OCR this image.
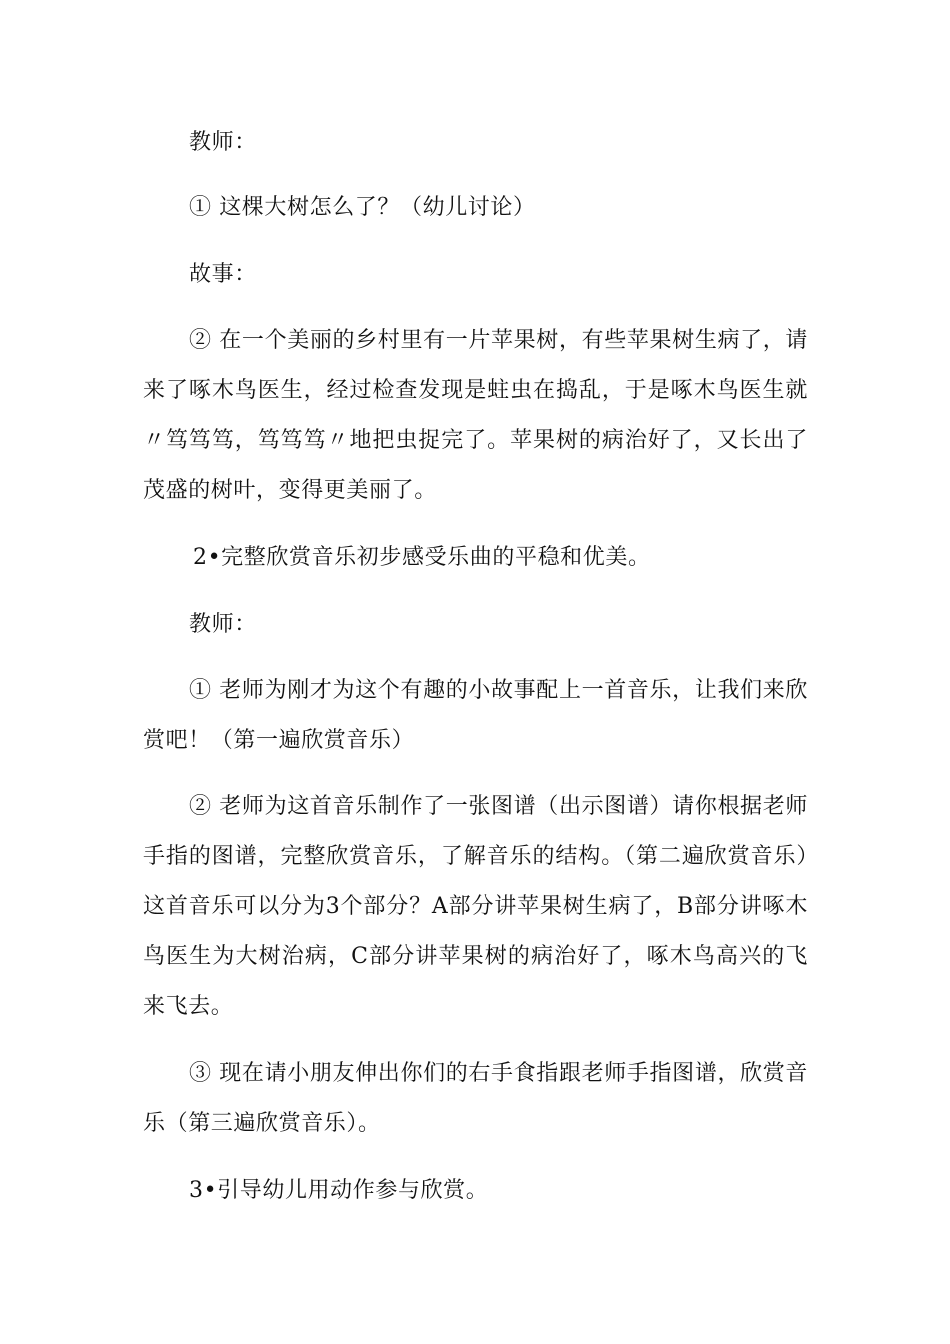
教师：

① 这棵大树怎么了？（幼儿讨论）

故事：

② 在一个美丽的乡村里有一片苹果树，有些苹果树生病了，请来了啄木鸟医生，经过检查发现是蛀虫在捣乱，于是啄木鸟医生就〃笃笃笃，笃笃笃〃地把虫捉完了。苹果树的病治好了，又长出了茂盛的树叶，变得更美丽了。

2•完整欣赏音乐初步感受乐曲的平稳和优美。

教师：

① 老师为刚才为这个有趣的小故事配上一首音乐，让我们来欣赏吧！（第一遍欣赏音乐）

② 老师为这首音乐制作了一张图谱（出示图谱）请你根据老师手指的图谱，完整欣赏音乐，了解音乐的结构。（第二遍欣赏音乐）这首音乐可以分为3个部分？A部分讲苹果树生病了，B部分讲啄木鸟医生为大树治病，C部分讲苹果树的病治好了，啄木鸟高兴的飞来飞去。

③ 现在请小朋友伸出你们的右手食指跟老师手指图谱，欣赏音乐（第三遍欣赏音乐）。

3•引导幼儿用动作参与欣赏。
